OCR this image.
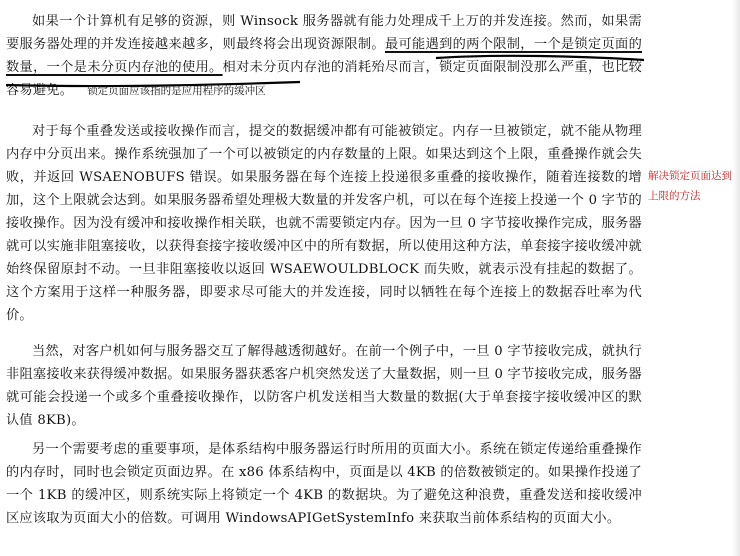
如果一个计算机有足够的资源，则 Winsock 服务器就有能力处理成千上万的并发连接。然而，如果需要服务器处理的并发连接越来越多，则最终将会出现资源限制。最可能遇到的两个限制，一个是锁定页面的数量，一个是未分页内存池的使用。相对未分页内存池的消耗殆尽而言，锁定页面限制没那么严重，也比较容易避免。 锁定页面应该指的是应用程序的缓冲区
对于每个重叠发送或接收操作而言，提交的数据缓冲都有可能被锁定。内存一旦被锁定，就不能从物理内存中分页出来。操作系统强加了一个可以被锁定的内存数量的上限。如果达到这个上限，重叠操作就会失败，并返回 WSAENOBUFS 错误。如果服务器在每个连接上投递很多重叠的接收操作，随着连接数的增加，这个上限就会达到。如果服务器希望处理极大数量的并发客户机，可以在每个连接上投递一个 0 字节的接收操作。因为没有缓冲和接收操作相关联，也就不需要锁定内存。因为一旦 0 字节接收操作完成，服务器就可以实施非阻塞接收，以获得套接字接收缓冲区中的所有数据，所以使用这种方法，单套接字接收缓冲就始终保留原封不动。一旦非阻塞接收以返回 WSAEWOULDBLOCK 而失败，就表示没有挂起的数据了。这个方案用于这样一种服务器，即要求尽可能大的并发连接，同时以牺牲在每个连接上的数据吞吐率为代价。
解决锁定页面达到上限的方法
当然，对客户机如何与服务器交互了解得越透彻越好。在前一个例子中，一旦 0 字节接收完成，就执行非阻塞接收来获得缓冲数据。如果服务器获悉客户机突然发送了大量数据，则一旦 0 字节接收完成，服务器就可能会投递一个或多个重叠接收操作，以防客户机发送相当大数量的数据(大于单套接字接收缓冲区的默认值 8KB)。
另一个需要考虑的重要事项，是体系结构中服务器运行时所用的页面大小。系统在锁定传递给重叠操作的内存时，同时也会锁定页面边界。在 x86 体系结构中，页面是以 4KB 的倍数被锁定的。如果操作投递了一个 1KB 的缓冲区，则系统实际上将锁定一个 4KB 的数据块。为了避免这种浪费，重叠发送和接收缓冲区应该取为页面大小的倍数。可调用 WindowsAPIGetSystemInfo 来获取当前体系结构的页面大小。
